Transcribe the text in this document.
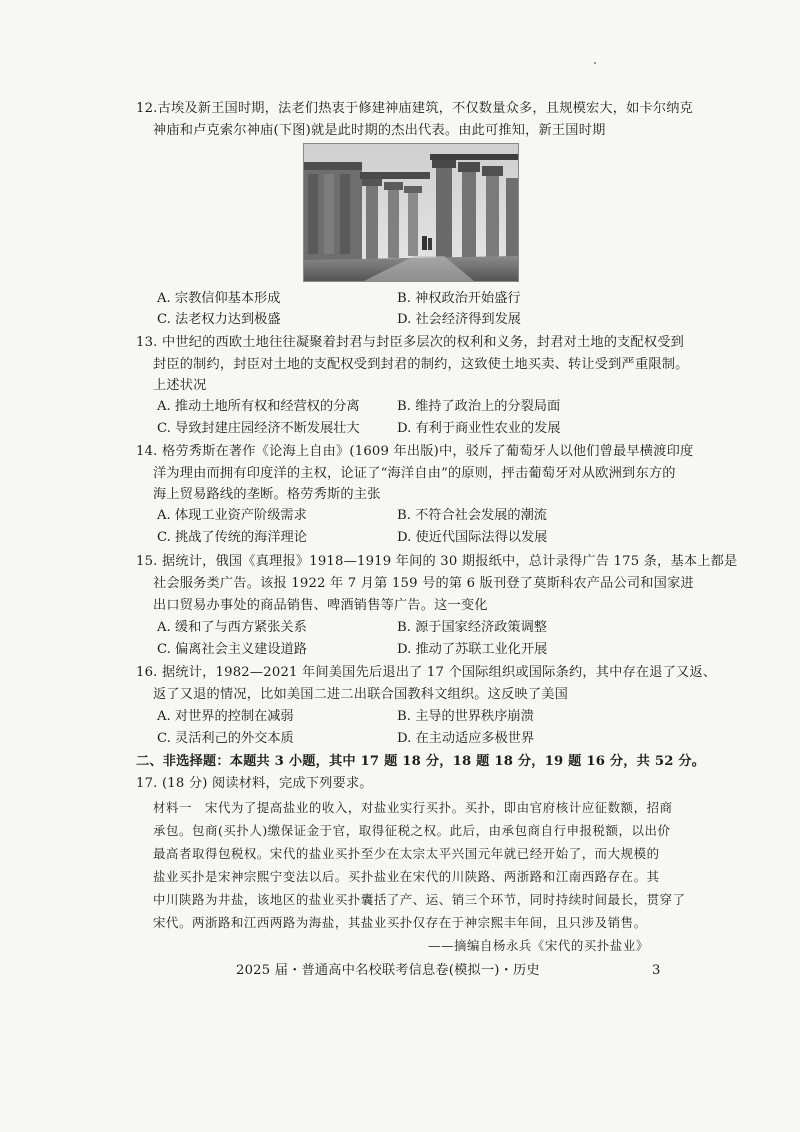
12.古埃及新王国时期，法老们热衷于修建神庙建筑，不仅数量众多，且规模宏大，如卡尔纳克
神庙和卢克索尔神庙(下图)就是此时期的杰出代表。由此可推知，新王国时期
A. 宗教信仰基本形成	B. 神权政治开始盛行
C. 法老权力达到极盛	D. 社会经济得到发展
13. 中世纪的西欧土地往往凝聚着封君与封臣多层次的权利和义务，封君对土地的支配权受到
封臣的制约，封臣对土地的支配权受到封君的制约，这致使土地买卖、转让受到严重限制。
上述状况
A. 推动土地所有权和经营权的分离	B. 维持了政治上的分裂局面
C. 导致封建庄园经济不断发展壮大	D. 有利于商业性农业的发展
14. 格劳秀斯在著作《论海上自由》(1609 年出版)中，驳斥了葡萄牙人以他们曾最早横渡印度
洋为理由而拥有印度洋的主权，论证了“海洋自由”的原则，抨击葡萄牙对从欧洲到东方的
海上贸易路线的垄断。格劳秀斯的主张
A. 体现工业资产阶级需求	B. 不符合社会发展的潮流
C. 挑战了传统的海洋理论	D. 使近代国际法得以发展
15. 据统计，俄国《真理报》1918—1919 年间的 30 期报纸中，总计录得广告 175 条，基本上都是
社会服务类广告。该报 1922 年 7 月第 159 号的第 6 版刊登了莫斯科农产品公司和国家进
出口贸易办事处的商品销售、啤酒销售等广告。这一变化
A. 缓和了与西方紧张关系	B. 源于国家经济政策调整
C. 偏离社会主义建设道路	D. 推动了苏联工业化开展
16. 据统计，1982—2021 年间美国先后退出了 17 个国际组织或国际条约，其中存在退了又返、
返了又退的情况，比如美国二进二出联合国教科文组织。这反映了美国
A. 对世界的控制在减弱	B. 主导的世界秩序崩溃
C. 灵活利己的外交本质	D. 在主动适应多极世界
二、非选择题：本题共 3 小题，其中 17 题 18 分，18 题 18 分，19 题 16 分，共 52 分。
17. (18 分) 阅读材料，完成下列要求。
材料一　宋代为了提高盐业的收入，对盐业实行买扑。买扑，即由官府核计应征数额，招商
承包。包商(买扑人)缴保证金于官，取得征税之权。此后，由承包商自行申报税额，以出价
最高者取得包税权。宋代的盐业买扑至少在太宗太平兴国元年就已经开始了，而大规模的
盐业买扑是宋神宗熙宁变法以后。买扑盐业在宋代的川陕路、两浙路和江南西路存在。其
中川陕路为井盐，该地区的盐业买扑囊括了产、运、销三个环节，同时持续时间最长，贯穿了
宋代。两浙路和江西两路为海盐，其盐业买扑仅存在于神宗熙丰年间，且只涉及销售。
——摘编自杨永兵《宋代的买扑盐业》
2025 届・普通高中名校联考信息卷(模拟一)・历史	3
